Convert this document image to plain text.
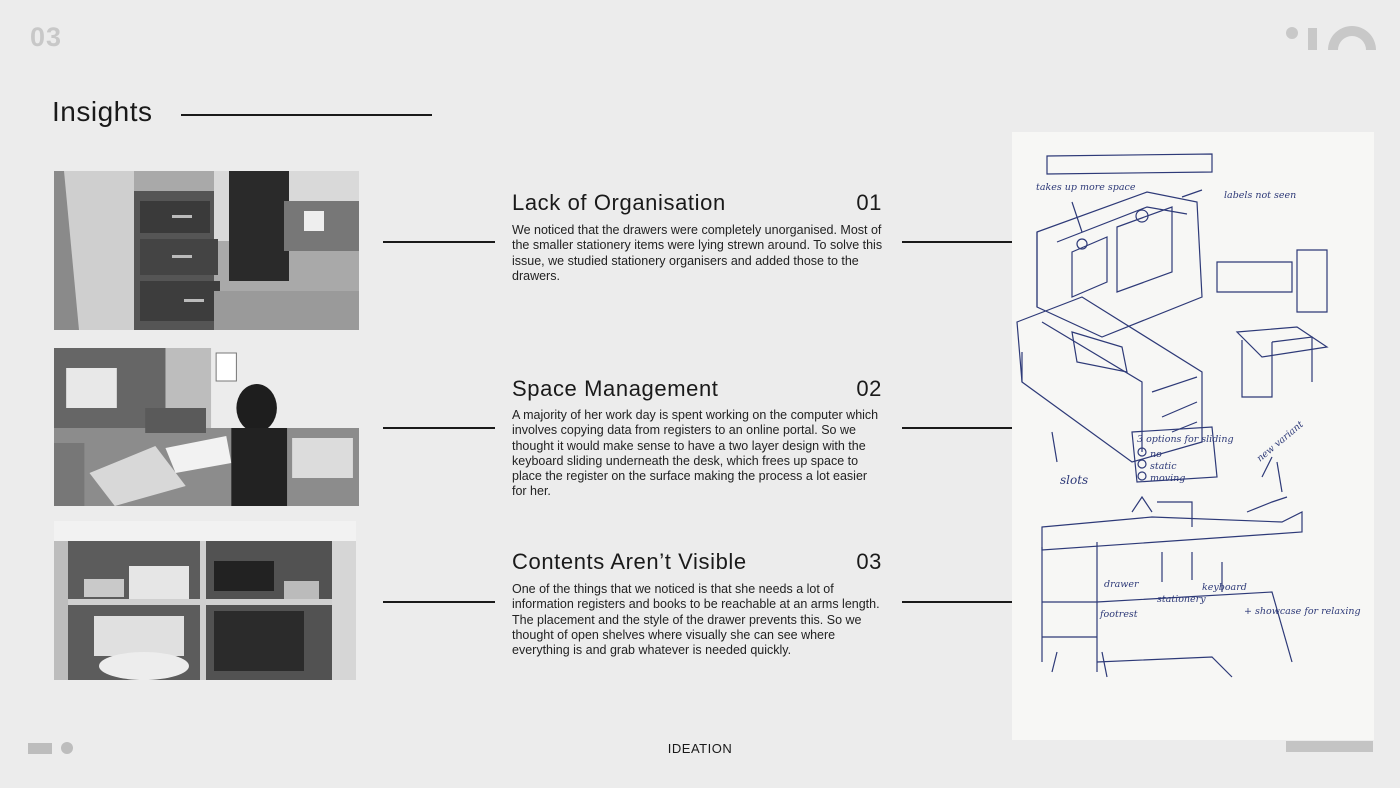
03
Insights
Lack of Organisation	01
We noticed that the drawers were completely unorganised. Most of the smaller stationery items were lying strewn around. To solve this issue, we studied stationery organisers and added those to the drawers.
Space Management	02
A majority of her work day is spent working on the computer which involves copying data from registers to an online portal. So we thought it would make sense to have a two layer design with the keyboard sliding underneath the desk, which frees up space to place the register on the surface making the process a lot easier for her.
Contents Aren’t Visible	03
One of the things that we noticed is that she needs a lot of information registers and books to be reachable at an arms length. The placement and the style of the drawer prevents this. So we thought of open shelves where visually she can see where everything is and grab whatever is needed quickly.
takes up more space
labels not seen
3 options for sliding
no
static
moving
slots
new variant
drawer
stationery
keyboard
footrest	+ showcase for relaxing
IDEATION
